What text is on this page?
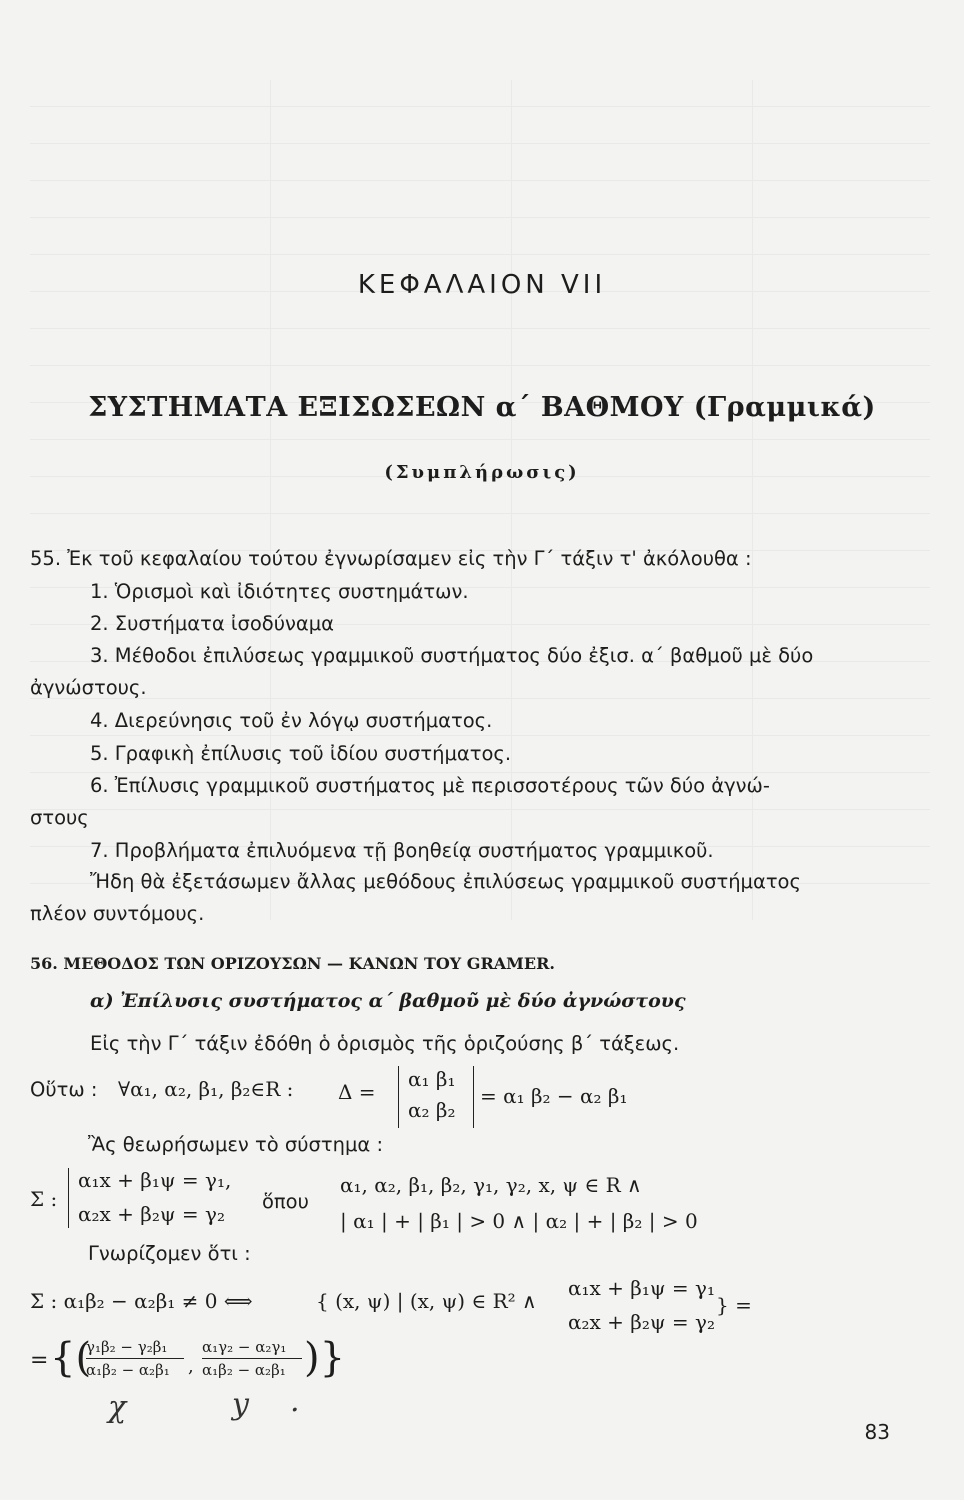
ΚΕΦΑΛΑΙΟΝ VII
ΣΥΣΤΗΜΑΤΑ ΕΞΙΣΩΣΕΩΝ α΄ ΒΑΘΜΟΥ (Γραμμικά)
(Συμπλήρωσις)
55. Ἐκ τοῦ κεφαλαίου τούτου ἐγνωρίσαμεν εἰς τὴν Γ΄ τάξιν τ' ἀκόλουθα :
1. Ὁρισμοὶ καὶ ἰδιότητες συστημάτων.
2. Συστήματα ἰσοδύναμα
3. Μέθοδοι ἐπιλύσεως γραμμικοῦ συστήματος δύο ἐξισ. α΄ βαθμοῦ μὲ δύο
ἀγνώστους.
4. Διερεύνησις τοῦ ἐν λόγῳ συστήματος.
5. Γραφικὴ ἐπίλυσις τοῦ ἰδίου συστήματος.
6. Ἐπίλυσις γραμμικοῦ συστήματος μὲ περισσοτέρους τῶν δύο ἀγνώ-
στους
7. Προβλήματα ἐπιλυόμενα τῇ βοηθείᾳ συστήματος γραμμικοῦ.
Ἤδη θὰ ἐξετάσωμεν ἄλλας μεθόδους ἐπιλύσεως γραμμικοῦ συστήματος
πλέον συντόμους.
56. ΜΕΘΟΔΟΣ ΤΩΝ ΟΡΙΖΟΥΣΩΝ — ΚΑΝΩΝ ΤΟΥ GRAMER.
α) Ἐπίλυσις συστήματος α΄ βαθμοῦ μὲ δύο ἀγνώστους
Εἰς τὴν Γ΄ τάξιν ἐδόθη ὁ ὁρισμὸς τῆς ὁριζούσης β΄ τάξεως.
Οὕτω : ∀α₁, α₂, β₁, β₂∈R : Δ =
α₁ β₁
α₂ β₂
= α₁ β₂ − α₂ β₁
Ἂς θεωρήσωμεν τὸ σύστημα :
Σ :
α₁x + β₁ψ = γ₁,
α₂x + β₂ψ = γ₂
ὅπου
α₁, α₂, β₁, β₂, γ₁, γ₂, x, ψ ∈ R ∧
| α₁ | + | β₁ | > 0 ∧ | α₂ | + | β₂ | > 0
Γνωρίζομεν ὅτι :
Σ : α₁β₂ − α₂β₁ ≠ 0 ⟺	{ (x, ψ) | (x, ψ) ∈ R² ∧
α₁x + β₁ψ = γ₁
α₂x + β₂ψ = γ₂
} =
= {(
γ₁β₂ − γ₂β₁
α₁β₂ − α₂β₁ ,
α₁γ₂ − α₂γ₁
α₁β₂ − α₂β₁ )}
χ	y .
83
